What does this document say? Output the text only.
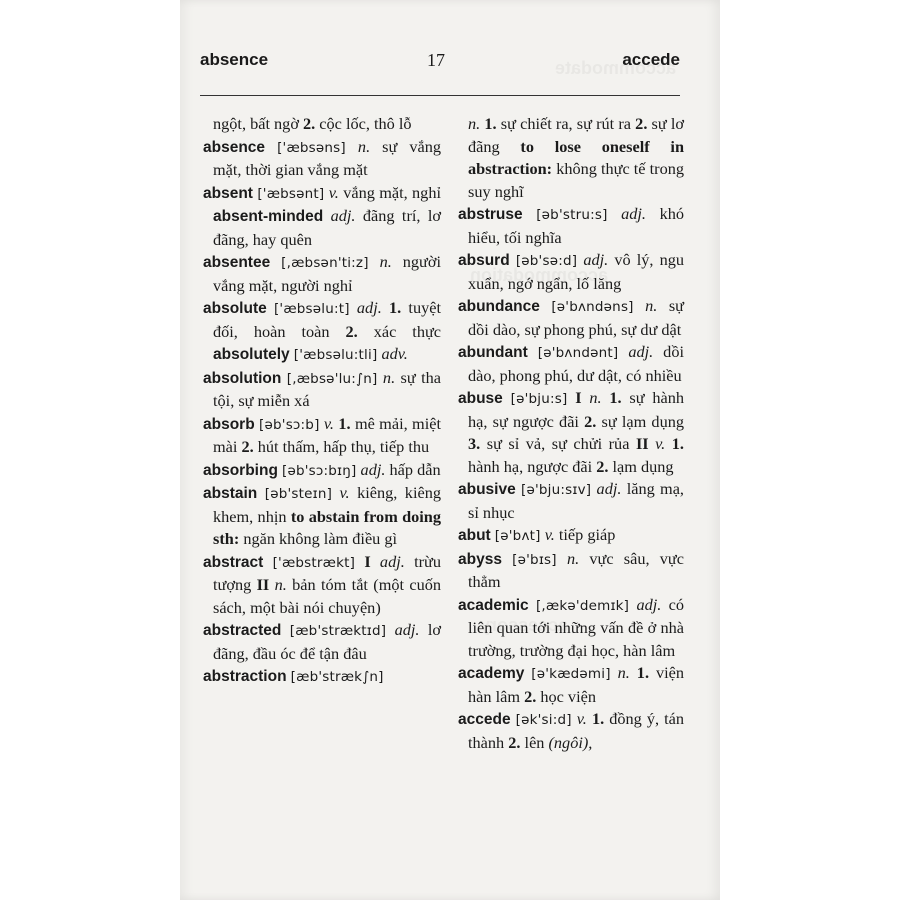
absence	17	accede

ngột, bất ngờ 2. cộc lốc, thô lỗ

absence ['æbsəns] n. sự vắng mặt, thời gian vắng mặt

absent ['æbsənt] v. vắng mặt, nghỉ absent-minded adj. đãng trí, lơ đãng, hay quên

absentee [,æbsən'ti:z] n. người vắng mặt, người nghỉ

absolute ['æbsəlu:t] adj. 1. tuyệt đối, hoàn toàn 2. xác thực absolutely ['æbsəlu:tli] adv.

absolution [,æbsə'lu:∫n] n. sự tha tội, sự miễn xá

absorb [əb'sɔ:b] v. 1. mê mải, miệt mài 2. hút thấm, hấp thụ, tiếp thu

absorbing [əb'sɔ:bɪŋ] adj. hấp dẫn

abstain [əb'steɪn] v. kiêng, kiêng khem, nhịn to abstain from doing sth: ngăn không làm điều gì

abstract ['æbstrækt] I adj. trừu tượng II n. bản tóm tắt (một cuốn sách, một bài nói chuyện)

abstracted [æb'stræktɪd] adj. lơ đãng, đầu óc để tận đâu

abstraction [æb'stræk∫n]

n. 1. sự chiết ra, sự rút ra 2. sự lơ đãng to lose oneself in abstraction: không thực tế trong suy nghĩ

abstruse [əb'stru:s] adj. khó hiểu, tối nghĩa

absurd [əb'sə:d] adj. vô lý, ngu xuẩn, ngớ ngẩn, lố lăng

abundance [ə'bʌndəns] n. sự dồi dào, sự phong phú, sự dư dật

abundant [ə'bʌndənt] adj. dồi dào, phong phú, dư dật, có nhiều

abuse [ə'bju:s] I n. 1. sự hành hạ, sự ngược đãi 2. sự lạm dụng 3. sự sỉ vả, sự chửi rủa II v. 1. hành hạ, ngược đãi 2. lạm dụng

abusive [ə'bju:sɪv] adj. lăng mạ, sỉ nhục

abut [ə'bʌt] v. tiếp giáp

abyss [ə'bɪs] n. vực sâu, vực thẳm

academic [,ækə'demɪk] adj. có liên quan tới những vấn đề ở nhà trường, trường đại học, hàn lâm

academy [ə'kædəmi] n. 1. viện hàn lâm 2. học viện

accede [ək'si:d] v. 1. đồng ý, tán thành 2. lên (ngôi),
